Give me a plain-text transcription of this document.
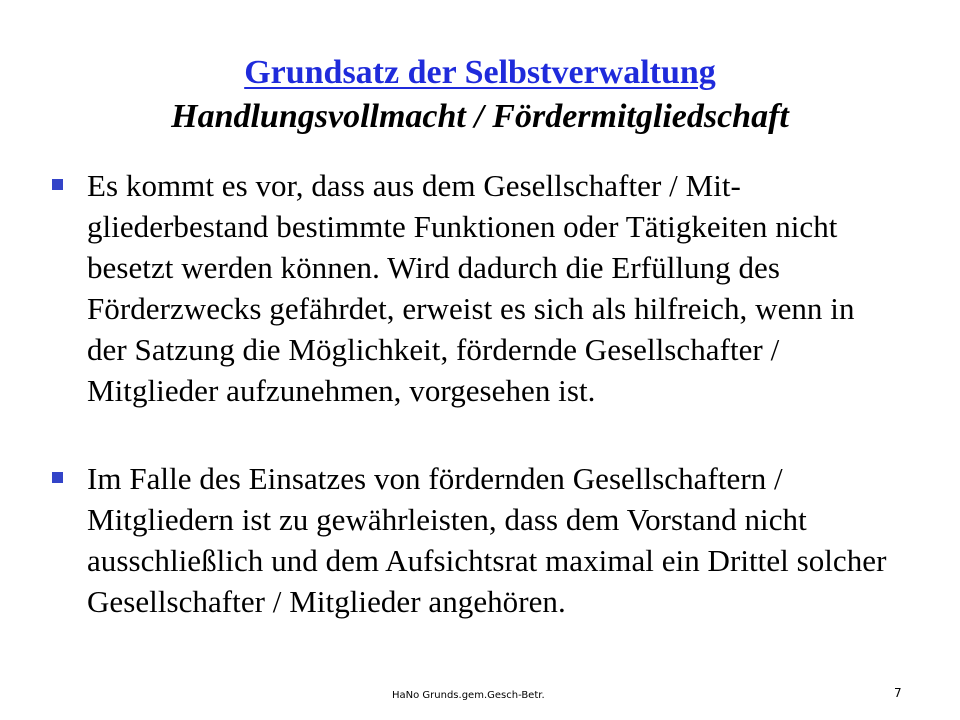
Grundsatz der Selbstverwaltung
Handlungsvollmacht / Fördermitgliedschaft
Es kommt es vor, dass aus dem Gesellschafter / Mit-gliederbestand bestimmte Funktionen oder Tätigkeiten nicht besetzt werden können. Wird dadurch die Erfüllung des Förderzwecks gefährdet, erweist es sich als hilfreich, wenn in der Satzung die Möglichkeit, fördernde Gesellschafter / Mitglieder aufzunehmen, vorgesehen ist.
Im Falle des Einsatzes von fördernden Gesellschaftern / Mitgliedern ist zu gewährleisten, dass dem Vorstand nicht ausschließlich und dem Aufsichtsrat maximal ein Drittel solcher Gesellschafter / Mitglieder angehören.
HaNo Grunds.gem.Gesch-Betr.	7
